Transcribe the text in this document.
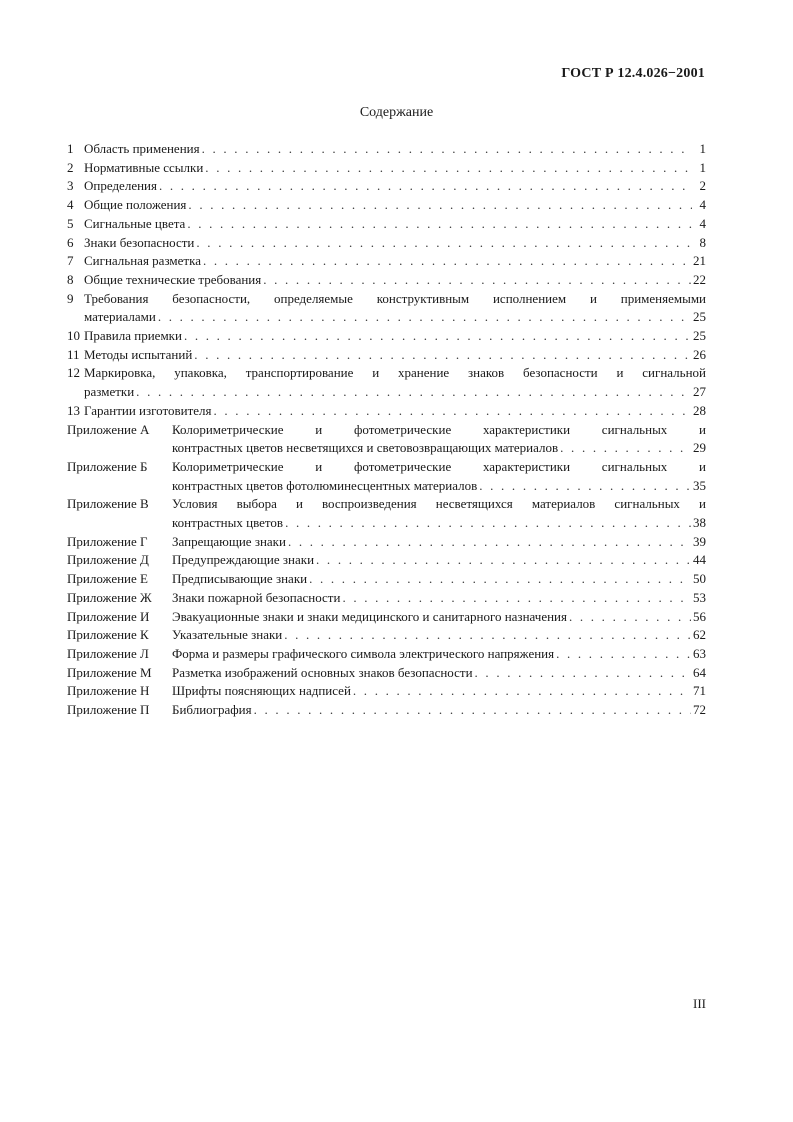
ГОСТ Р 12.4.026−2001
Содержание
1 Область применения . . .	1
2 Нормативные ссылки . . .	1
3 Определения . . .	2
4 Общие положения . . .	4
5 Сигнальные цвета . . .	4
6 Знаки безопасности . . .	8
7 Сигнальная разметка . . .	21
8 Общие технические требования . . .	22
9 Требования безопасности, определяемые конструктивным исполнением и применяемыми
материалами . . .	25
10 Правила приемки . . .	25
11 Методы испытаний . . .	26
12 Маркировка, упаковка, транспортирование и хранение знаков безопасности и сигнальной
разметки . . .	27
13 Гарантии изготовителя . . .	28
Приложение А	Колориметрические и фотометрические характеристики сигнальных и
контрастных цветов несветящихся и световозвращающих материалов . . .	29
Приложение Б	Колориметрические и фотометрические характеристики сигнальных и
контрастных цветов фотолюминесцентных материалов . . .	35
Приложение В	Условия выбора и воспроизведения несветящихся материалов сигнальных и
контрастных цветов . . .	38
Приложение Г	Запрещающие знаки . . .	39
Приложение Д	Предупреждающие знаки . . .	44
Приложение Е	Предписывающие знаки . . .	50
Приложение Ж	Знаки пожарной безопасности . . .	53
Приложение И	Эвакуационные знаки и знаки медицинского и санитарного назначения . . .	56
Приложение К	Указательные знаки . . .	62
Приложение Л	Форма и размеры графического символа электрического напряжения . . .	63
Приложение М	Разметка изображений основных знаков безопасности . . .	64
Приложение Н	Шрифты поясняющих надписей . . .	71
Приложение П	Библиография . . .	72
III
